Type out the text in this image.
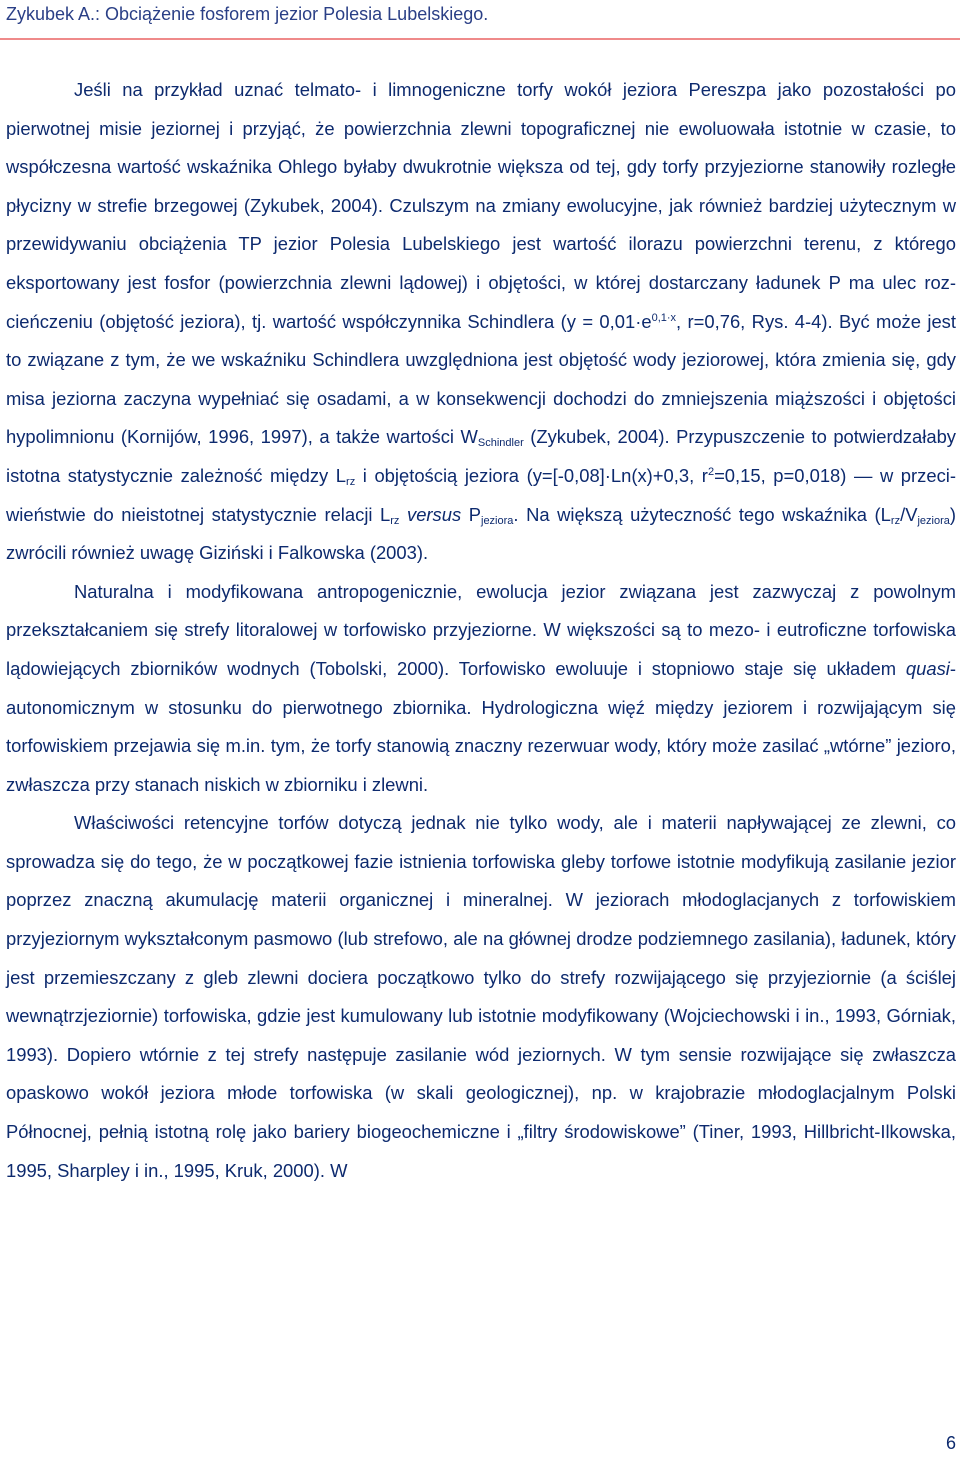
Zykubek A.: Obciążenie fosforem jezior Polesia Lubelskiego.

Jeśli na przykład uznać telmato- i limnogeniczne torfy wokół jeziora Pereszpa jako pozostałości po pierwotnej misie jeziornej i przyjąć, że powierzchnia zlewni topograficznej nie ewoluowała istotnie w czasie, to współczesna wartość wskaźnika Ohlego byłaby dwukrotnie większa od tej, gdy torfy przyjeziorne stanowiły rozległe płycizny w strefie brzegowej (Zykubek, 2004). Czulszym na zmiany ewolucyjne, jak również bardziej użytecznym w przewidywaniu obciążenia TP jezior Polesia Lubelskiego jest wartość ilorazu powierzchni terenu, z którego eksportowany jest fosfor (powierzchnia zlewni lądowej) i objętości, w której dostarczany ładunek P ma ulec rozcieńczeniu (objętość jeziora), tj. wartość współczynnika Schindlera ($y = 0,01\cdot e^{0,1\cdot x}$, r=0,76, Rys. 4-4). Być może jest to związane z tym, że we wskaźniku Schindlera uwzględniona jest objętość wody jeziorowej, która zmienia się, gdy misa jeziorna zaczyna wypełniać się osadami, a w konsekwencji dochodzi do zmniejszenia miąższości i objętości hypolimnionu (Kornijów, 1996, 1997), a także wartości $W_{Schindler}$ (Zykubek, 2004). Przypuszczenie to potwierdzałaby istotna statystycznie zależność między $L_{rz}$ i objętością jeziora (y=[-0,08]·Ln(x)+0,3, $r^2=0,15$, p=0,018) — w przeciwieństwie do nieistotnej statystycznie relacji $L_{rz}$ versus $P_{jeziora}$. Na większą użyteczność tego wskaźnika $(L_{rz}/V_{jeziora})$ zwrócili również uwagę Giziński i Falkowska (2003).

Naturalna i modyfikowana antropogenicznie, ewolucja jezior związana jest zazwyczaj z powolnym przekształcaniem się strefy litoralowej w torfowisko przyjeziorne. W większości są to mezo- i eutroficzne torfowiska lądowiejących zbiorników wodnych (Tobolski, 2000). Torfowisko ewoluuje i stopniowo staje się układem quasi-autonomicznym w stosunku do pierwotnego zbiornika. Hydrologiczna więź między jeziorem i rozwijającym się torfowiskiem przejawia się m.in. tym, że torfy stanowią znaczny rezerwuar wody, który może zasilać „wtórne” jezioro, zwłaszcza przy stanach niskich w zbiorniku i zlewni.

Właściwości retencyjne torfów dotyczą jednak nie tylko wody, ale i materii napływającej ze zlewni, co sprowadza się do tego, że w początkowej fazie istnienia torfowiska gleby torfowe istotnie modyfikują zasilanie jezior poprzez znaczną akumulację materii organicznej i mineralnej. W jeziorach młodoglacjanych z torfowiskiem przyjeziornym wykształconym pasmowo (lub strefowo, ale na głównej drodze podziemnego zasilania), ładunek, który jest przemieszczany z gleb zlewni dociera początkowo tylko do strefy rozwijającego się przyjeziornie (a ściślej wewnątrzjeziornie) torfowiska, gdzie jest kumulowany lub istotnie modyfikowany (Wojciechowski i in., 1993, Górniak, 1993). Dopiero wtórnie z tej strefy następuje zasilanie wód jeziornych. W tym sensie rozwijające się zwłaszcza opaskowo wokół jeziora młode torfowiska (w skali geologicznej), np. w krajobrazie młodoglacjalnym Polski Północnej, pełnią istotną rolę jako bariery biogeochemiczne i „filtry środowiskowe” (Tiner, 1993, Hillbricht-Ilkowska, 1995, Sharpley i in., 1995, Kruk, 2000). W

6
